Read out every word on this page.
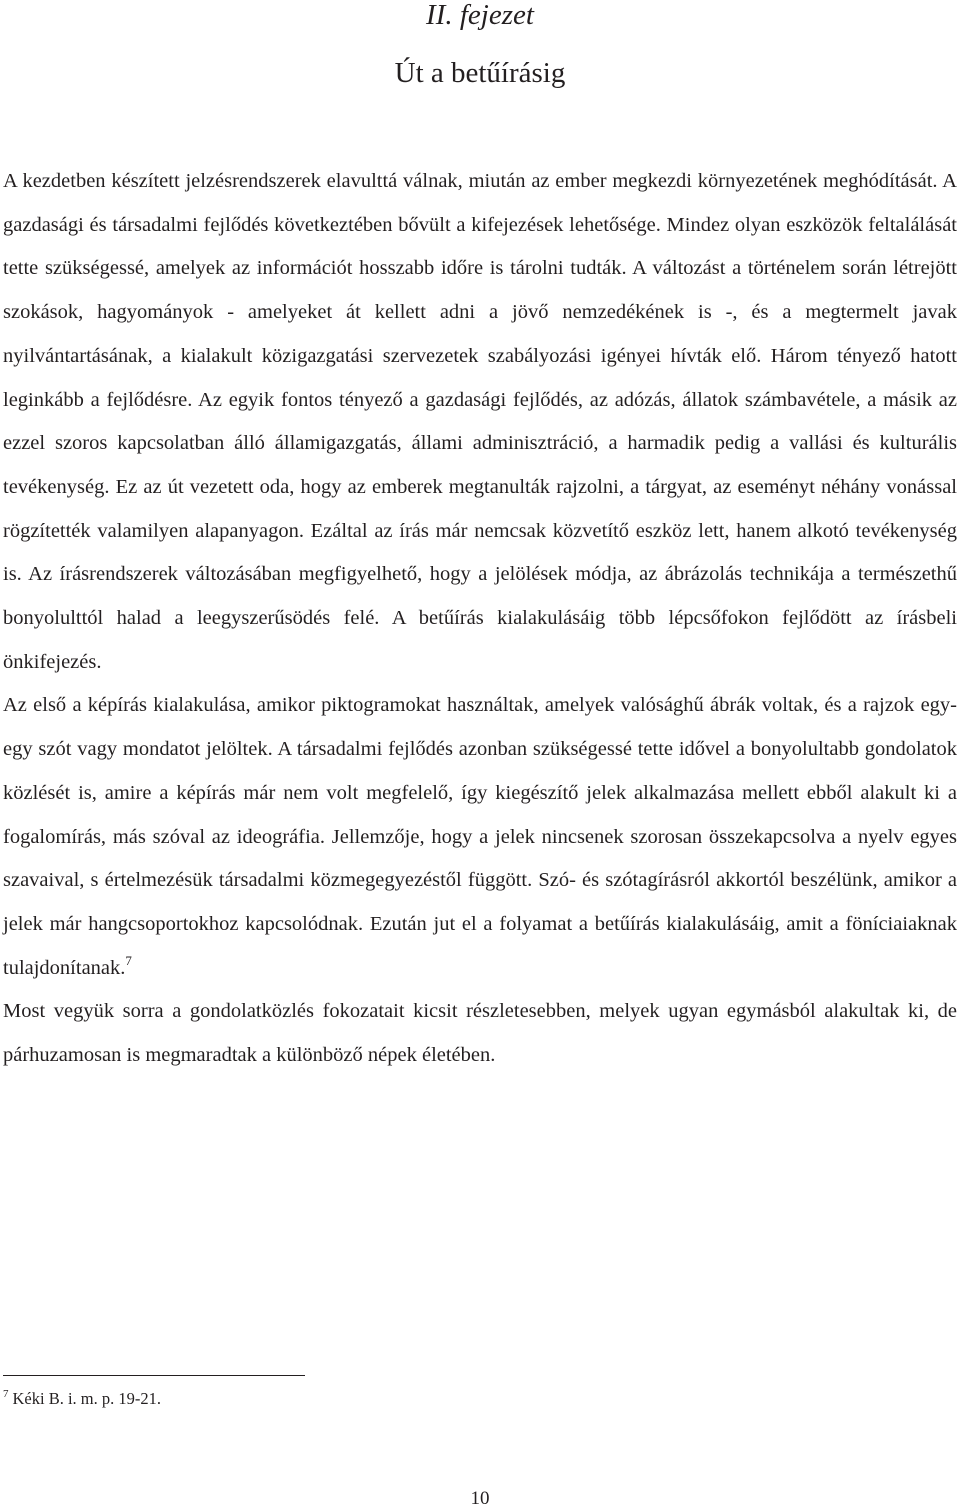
II. fejezet
Út a betűírásig

A kezdetben készített jelzésrendszerek elavulttá válnak, miután az ember megkezdi környezetének meghódítását. A gazdasági és társadalmi fejlődés következtében bővült a kifejezések lehetősége. Mindez olyan eszközök feltalálását tette szükségessé, amelyek az információt hosszabb időre is tárolni tudták. A változást a történelem során létrejött szokások, hagyományok - amelyeket át kellett adni a jövő nemzedékének is -, és a megtermelt javak nyilvántartásának, a kialakult közigazgatási szervezetek szabályozási igényei hívták elő. Három tényező hatott leginkább a fejlődésre. Az egyik fontos tényező a gazdasági fejlődés, az adózás, állatok számbavétele, a másik az ezzel szoros kapcsolatban álló államigazgatás, állami adminisztráció, a harmadik pedig a vallási és kulturális tevékenység. Ez az út vezetett oda, hogy az emberek megtanulták rajzolni, a tárgyat, az eseményt néhány vonással rögzítették valamilyen alapanyagon. Ezáltal az írás már nemcsak közvetítő eszköz lett, hanem alkotó tevékenység is. Az írásrendszerek változásában megfigyelhető, hogy a jelölések módja, az ábrázolás technikája a természethű bonyolulttól halad a leegyszerűsödés felé. A betűírás kialakulásáig több lépcsőfokon fejlődött az írásbeli önkifejezés.

Az első a képírás kialakulása, amikor piktogramokat használtak, amelyek valósághű ábrák voltak, és a rajzok egy-egy szót vagy mondatot jelöltek. A társadalmi fejlődés azonban szükségessé tette idővel a bonyolultabb gondolatok közlését is, amire a képírás már nem volt megfelelő, így kiegészítő jelek alkalmazása mellett ebből alakult ki a fogalomírás, más szóval az ideográfia. Jellemzője, hogy a jelek nincsenek szorosan összekapcsolva a nyelv egyes szavaival, s értelmezésük társadalmi közmegegyezéstől függött. Szó- és szótagírásról akkortól beszélünk, amikor a jelek már hangcsoportokhoz kapcsolódnak. Ezután jut el a folyamat a betűírás kialakulásáig, amit a föníciaiaknak tulajdonítanak.$^7$

Most vegyük sorra a gondolatközlés fokozatait kicsit részletesebben, melyek ugyan egymásból alakultak ki, de párhuzamosan is megmaradtak a különböző népek életében.

$^7$ Kéki B. i. m. p. 19-21.
10
